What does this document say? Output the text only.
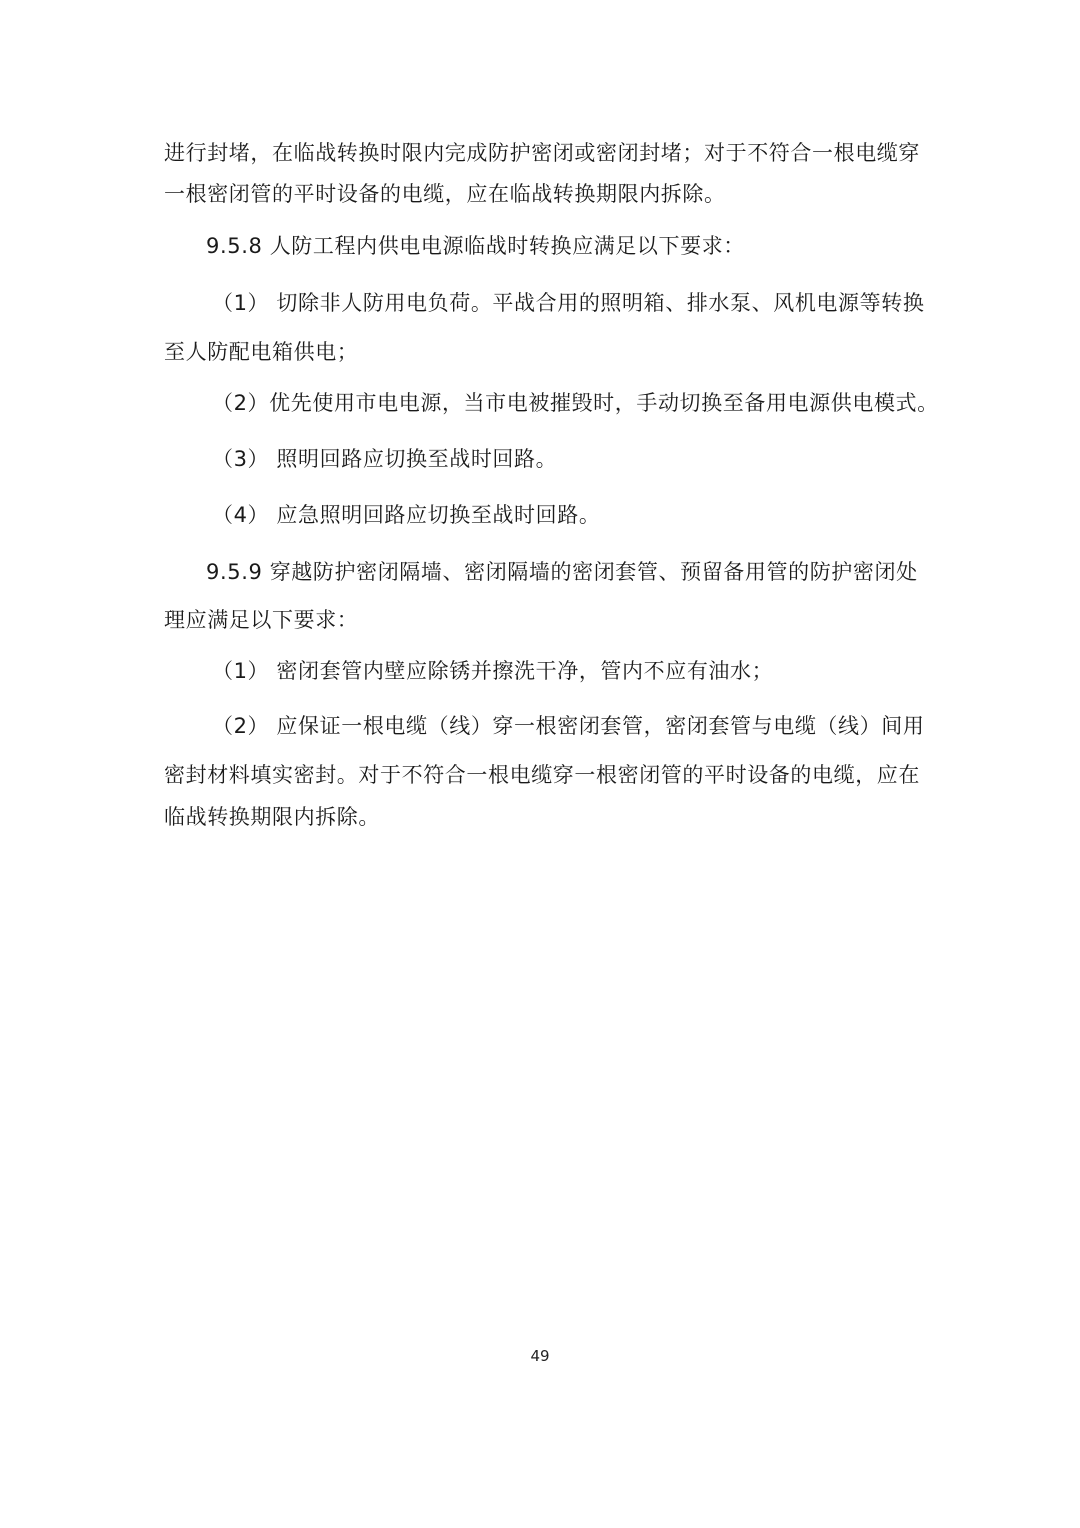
进行封堵，在临战转换时限内完成防护密闭或密闭封堵；对于不符合一根电缆穿
一根密闭管的平时设备的电缆，应在临战转换期限内拆除。
9.5.8 人防工程内供电电源临战时转换应满足以下要求：
（1） 切除非人防用电负荷。平战合用的照明箱、排水泵、风机电源等转换
至人防配电箱供电；
（2）优先使用市电电源，当市电被摧毁时，手动切换至备用电源供电模式。
（3） 照明回路应切换至战时回路。
（4） 应急照明回路应切换至战时回路。
9.5.9 穿越防护密闭隔墙、密闭隔墙的密闭套管、预留备用管的防护密闭处
理应满足以下要求：
（1） 密闭套管内壁应除锈并擦洗干净，管内不应有油水；
（2） 应保证一根电缆（线）穿一根密闭套管，密闭套管与电缆（线）间用
密封材料填实密封。对于不符合一根电缆穿一根密闭管的平时设备的电缆，应在
临战转换期限内拆除。
49
